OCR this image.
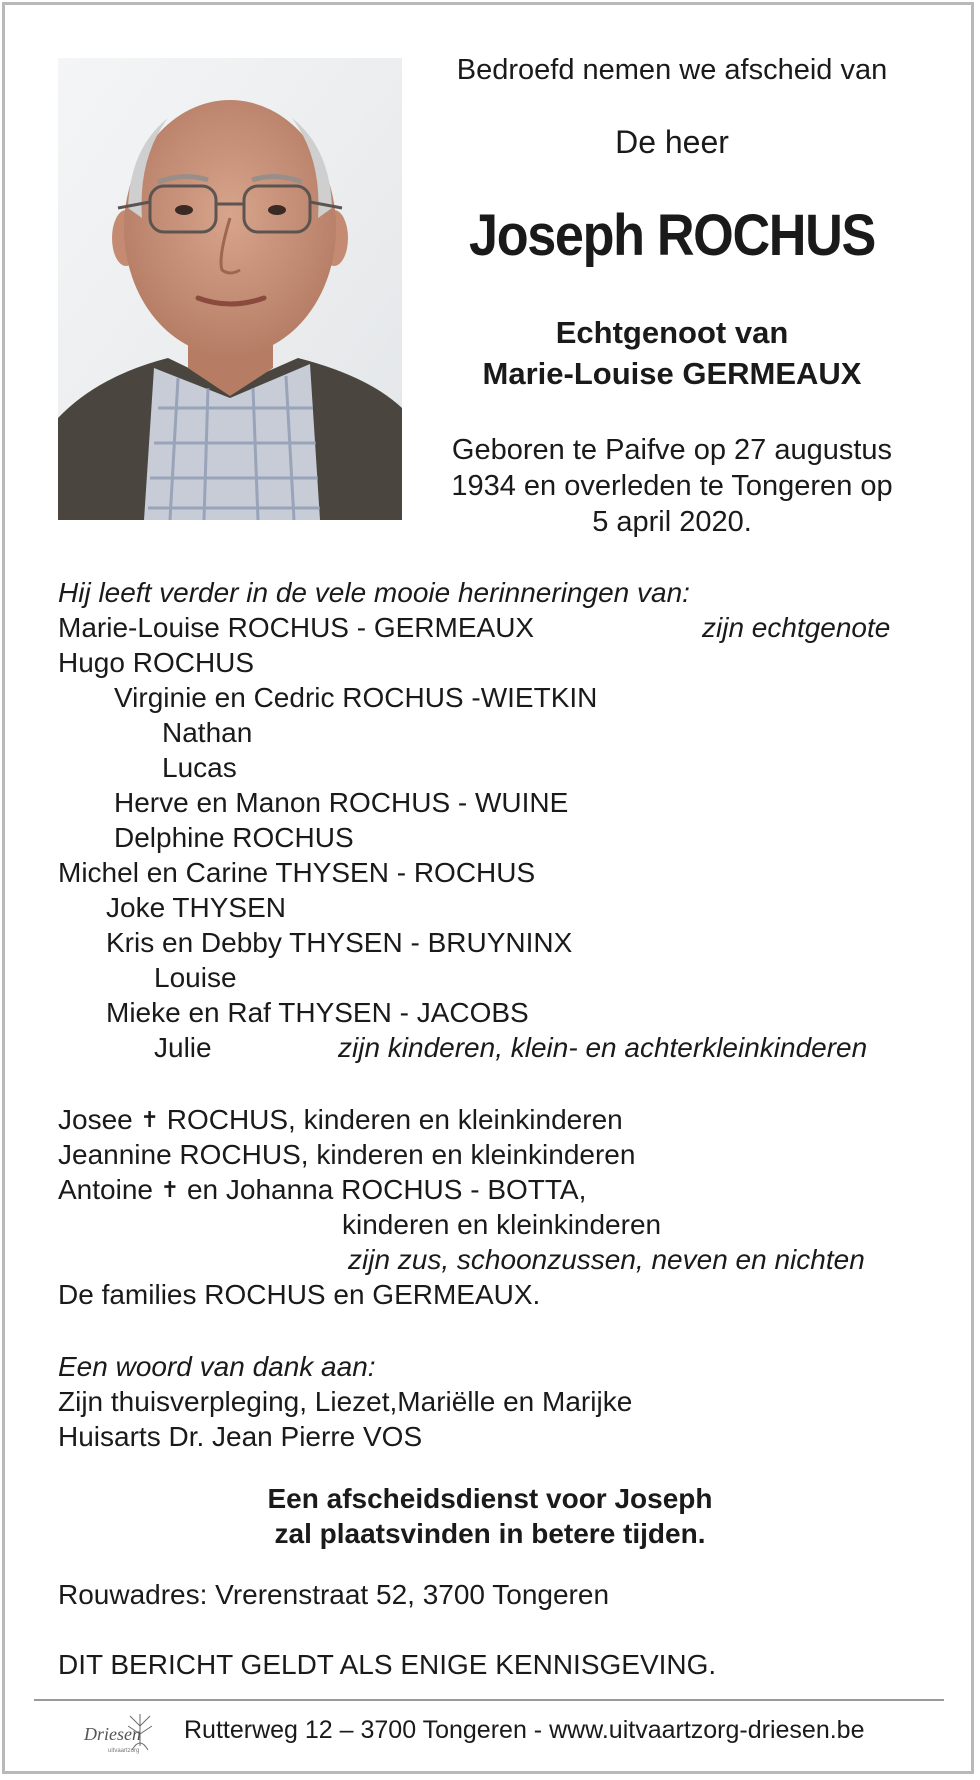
Bedroefd nemen we afscheid van
De heer
Joseph ROCHUS
Echtgenoot van
Marie-Louise GERMEAUX
Geboren te Paifve op 27 augustus
1934 en overleden te Tongeren op
5 april 2020.
Hij leeft verder in de vele mooie herinneringen van:
Marie-Louise ROCHUS - GERMEAUX	zijn echtgenote
Hugo ROCHUS
Virginie en Cedric ROCHUS -WIETKIN
Nathan
Lucas
Herve en Manon ROCHUS - WUINE
Delphine ROCHUS
Michel en Carine THYSEN - ROCHUS
Joke THYSEN
Kris en Debby THYSEN - BRUYNINX
Louise
Mieke en Raf THYSEN - JACOBS
Julie	zijn kinderen, klein- en achterkleinkinderen
Josee ✝ ROCHUS, kinderen en kleinkinderen
Jeannine ROCHUS, kinderen en kleinkinderen
Antoine ✝ en Johanna ROCHUS - BOTTA,
kinderen en kleinkinderen
zijn zus, schoonzussen, neven en nichten
De families ROCHUS en GERMEAUX.
Een woord van dank aan:
Zijn thuisverpleging, Liezet,Mariëlle en Marijke
Huisarts Dr. Jean Pierre VOS
Een afscheidsdienst voor Joseph
zal plaatsvinden in betere tijden.
Rouwadres: Vrerenstraat 52, 3700 Tongeren
DIT BERICHT GELDT ALS ENIGE KENNISGEVING.
Driesen
uitvaartzorg
Rutterweg 12 – 3700 Tongeren - www.uitvaartzorg-driesen.be
